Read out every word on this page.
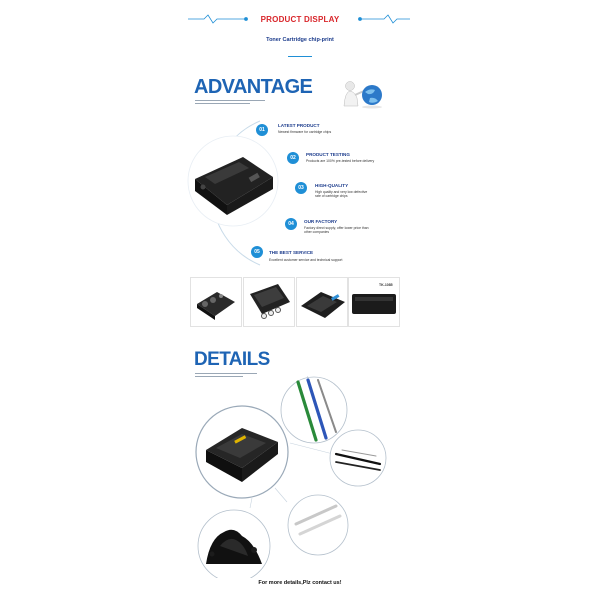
PRODUCT DISPLAY
Toner Cartridge chip-print
ADVANTAGE
01
LATEST PRODUCT
Newest firmware for cartridge chips
02
PRODUCT TESTING
Products are 100% pre-tested before delivery
03	HIGH-QUALITY
High quality and very low defective
rate of cartridge chips
04	OUR FACTORY
Factory direct supply, offer lower price than
other companies
05	THE BEST SERVICE
Excellent customer service and technical support
TK-1085
DETAILS
For more details,Plz contact us!
